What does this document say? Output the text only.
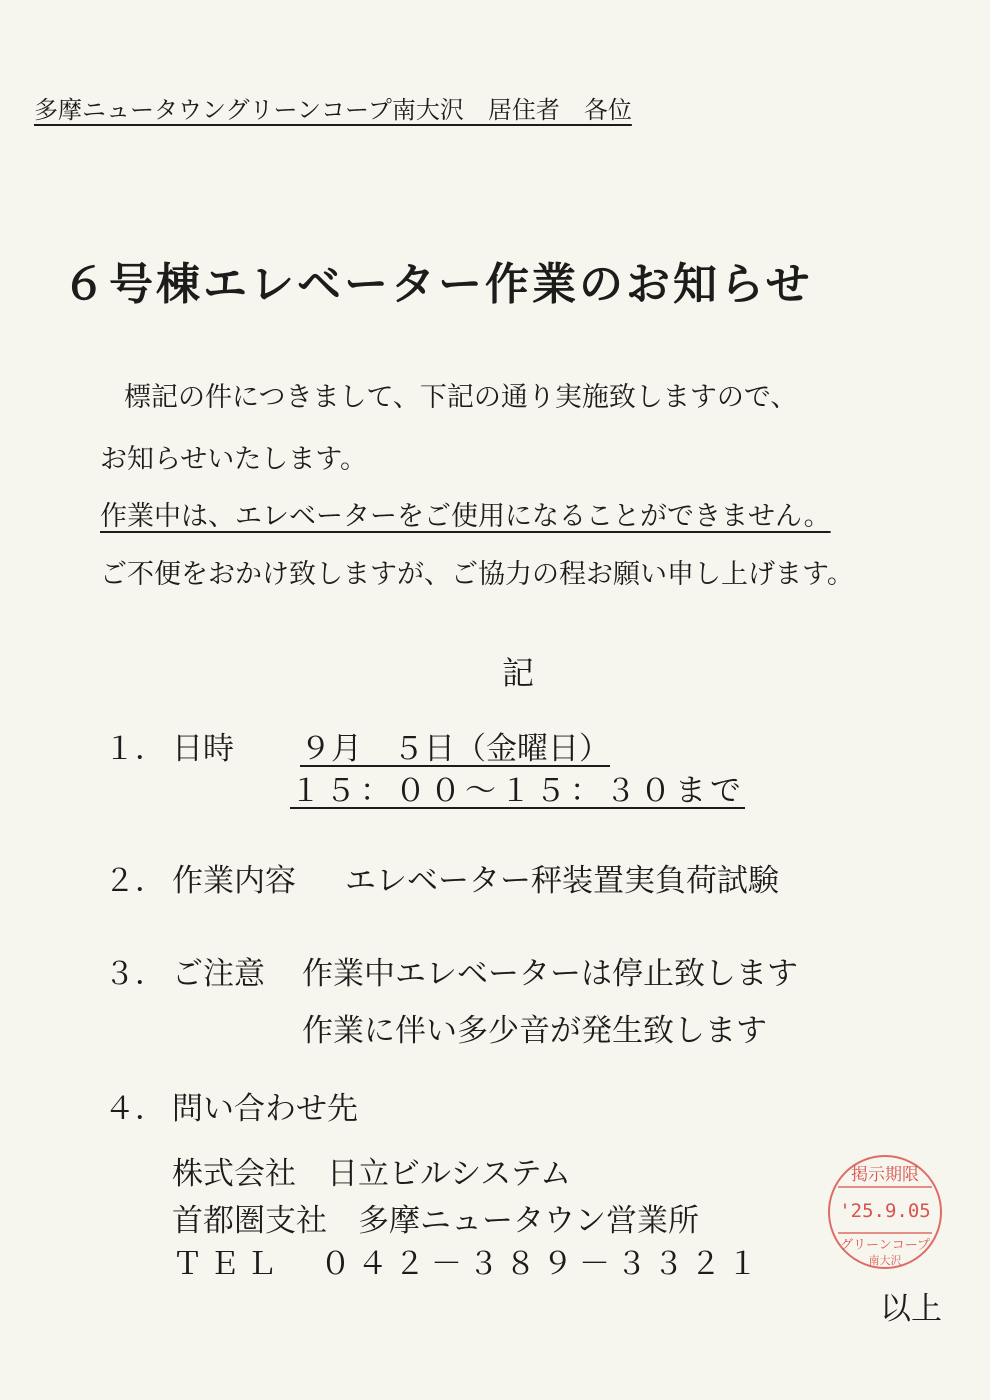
多摩ニュータウングリーンコープ南大沢　居住者　各位
６号棟エレベーター作業のお知らせ
標記の件につきまして、下記の通り実施致しますので、
お知らせいたします。
作業中は、エレベーターをご使用になることができません。
ご不便をおかけ致しますが、ご協力の程お願い申し上げます。
記
１． 日時 ９月　５日（金曜日）
１５：００～１５：３０まで
２． 作業内容 エレベーター秤装置実負荷試験
３． ご注意 作業中エレベーターは停止致します
作業に伴い多少音が発生致します
４． 問い合わせ先
株式会社　日立ビルシステム
首都圏支社　多摩ニュータウン営業所
ＴＥＬ　０４２－３８９－３３２１
以上
掲示期限
'25.9.05
グリーンコープ
南大沢
